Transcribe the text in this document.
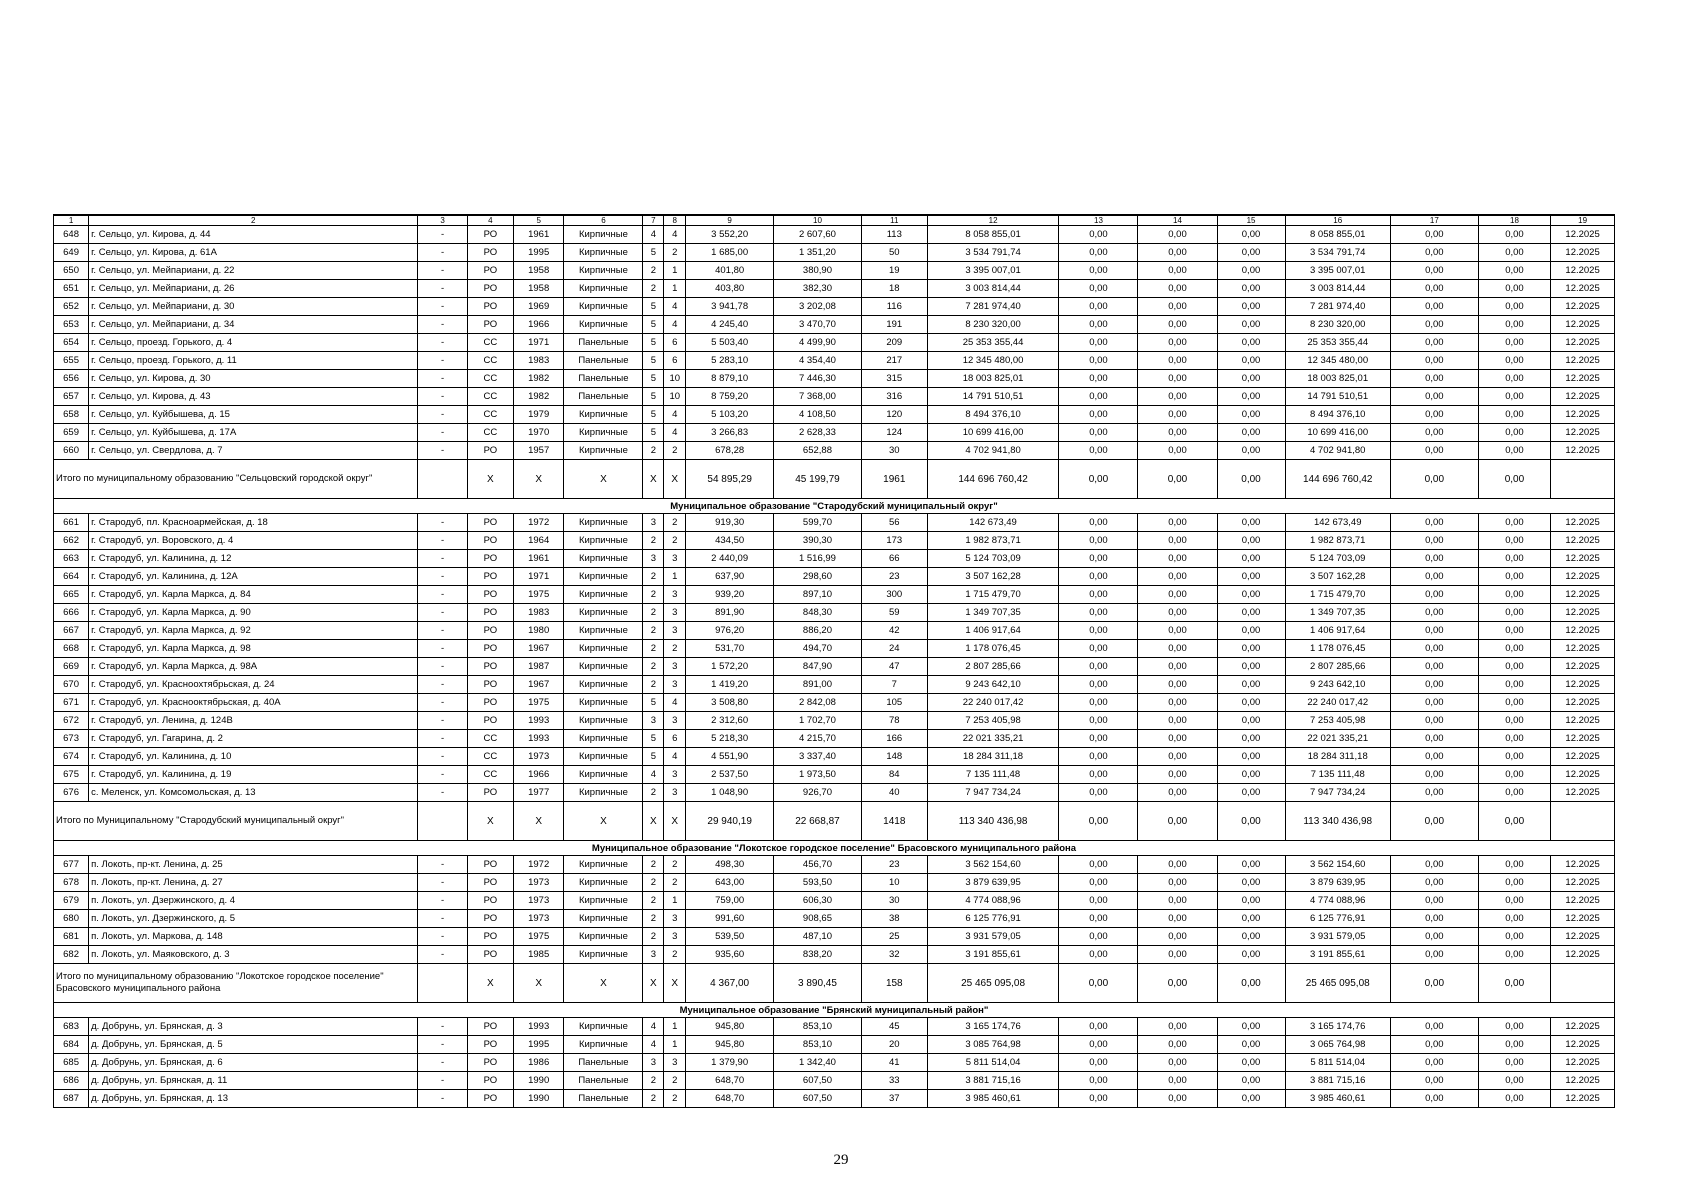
1	2	3	4	5	6	7	8	9	10	11	12	13	14	15	16	17	18	19
648	г. Сельцо, ул. Кирова, д. 44	-	РО	1961	Кирпичные	4	4	3 552,20	2 607,60	113	8 058 855,01	0,00	0,00	0,00	8 058 855,01	0,00	0,00	12.2025
649	г. Сельцо, ул. Кирова, д. 61А	-	РО	1995	Кирпичные	5	2	1 685,00	1 351,20	50	3 534 791,74	0,00	0,00	0,00	3 534 791,74	0,00	0,00	12.2025
650	г. Сельцо, ул. Мейпариани, д. 22	-	РО	1958	Кирпичные	2	1	401,80	380,90	19	3 395 007,01	0,00	0,00	0,00	3 395 007,01	0,00	0,00	12.2025
651	г. Сельцо, ул. Мейпариани, д. 26	-	РО	1958	Кирпичные	2	1	403,80	382,30	18	3 003 814,44	0,00	0,00	0,00	3 003 814,44	0,00	0,00	12.2025
652	г. Сельцо, ул. Мейпариани, д. 30	-	РО	1969	Кирпичные	5	4	3 941,78	3 202,08	116	7 281 974,40	0,00	0,00	0,00	7 281 974,40	0,00	0,00	12.2025
653	г. Сельцо, ул. Мейпариани, д. 34	-	РО	1966	Кирпичные	5	4	4 245,40	3 470,70	191	8 230 320,00	0,00	0,00	0,00	8 230 320,00	0,00	0,00	12.2025
654	г. Сельцо, проезд. Горького, д. 4	-	СС	1971	Панельные	5	6	5 503,40	4 499,90	209	25 353 355,44	0,00	0,00	0,00	25 353 355,44	0,00	0,00	12.2025
655	г. Сельцо, проезд. Горького, д. 11	-	СС	1983	Панельные	5	6	5 283,10	4 354,40	217	12 345 480,00	0,00	0,00	0,00	12 345 480,00	0,00	0,00	12.2025
656	г. Сельцо, ул. Кирова, д. 30	-	СС	1982	Панельные	5	10	8 879,10	7 446,30	315	18 003 825,01	0,00	0,00	0,00	18 003 825,01	0,00	0,00	12.2025
657	г. Сельцо, ул. Кирова, д. 43	-	СС	1982	Панельные	5	10	8 759,20	7 368,00	316	14 791 510,51	0,00	0,00	0,00	14 791 510,51	0,00	0,00	12.2025
658	г. Сельцо, ул. Куйбышева, д. 15	-	СС	1979	Кирпичные	5	4	5 103,20	4 108,50	120	8 494 376,10	0,00	0,00	0,00	8 494 376,10	0,00	0,00	12.2025
659	г. Сельцо, ул. Куйбышева, д. 17А	-	СС	1970	Кирпичные	5	4	3 266,83	2 628,33	124	10 699 416,00	0,00	0,00	0,00	10 699 416,00	0,00	0,00	12.2025
660	г. Сельцо, ул. Свердлова, д. 7	-	РО	1957	Кирпичные	2	2	678,28	652,88	30	4 702 941,80	0,00	0,00	0,00	4 702 941,80	0,00	0,00	12.2025
Итого по муниципальному образованию "Сельцовский городской округ"			X	X	X	X	X	54 895,29	45 199,79	1961	144 696 760,42	0,00	0,00	0,00	144 696 760,42	0,00	0,00	
Муниципальное образование "Стародубский муниципальный округ"																		
661	г. Стародуб, пл. Красноармейская, д. 18	-	РО	1972	Кирпичные	3	2	919,30	599,70	56	142 673,49	0,00	0,00	0,00	142 673,49	0,00	0,00	12.2025
662	г. Стародуб, ул. Воровского, д. 4	-	РО	1964	Кирпичные	2	2	434,50	390,30	173	1 982 873,71	0,00	0,00	0,00	1 982 873,71	0,00	0,00	12.2025
663	г. Стародуб, ул. Калинина, д. 12	-	РО	1961	Кирпичные	3	3	2 440,09	1 516,99	66	5 124 703,09	0,00	0,00	0,00	5 124 703,09	0,00	0,00	12.2025
664	г. Стародуб, ул. Калинина, д. 12А	-	РО	1971	Кирпичные	2	1	637,90	298,60	23	3 507 162,28	0,00	0,00	0,00	3 507 162,28	0,00	0,00	12.2025
665	г. Стародуб, ул. Карла Маркса, д. 84	-	РО	1975	Кирпичные	2	3	939,20	897,10	300	1 715 479,70	0,00	0,00	0,00	1 715 479,70	0,00	0,00	12.2025
666	г. Стародуб, ул. Карла Маркса, д. 90	-	РО	1983	Кирпичные	2	3	891,90	848,30	59	1 349 707,35	0,00	0,00	0,00	1 349 707,35	0,00	0,00	12.2025
667	г. Стародуб, ул. Карла Маркса, д. 92	-	РО	1980	Кирпичные	2	3	976,20	886,20	42	1 406 917,64	0,00	0,00	0,00	1 406 917,64	0,00	0,00	12.2025
668	г. Стародуб, ул. Карла Маркса, д. 98	-	РО	1967	Кирпичные	2	2	531,70	494,70	24	1 178 076,45	0,00	0,00	0,00	1 178 076,45	0,00	0,00	12.2025
669	г. Стародуб, ул. Карла Маркса, д. 98А	-	РО	1987	Кирпичные	2	3	1 572,20	847,90	47	2 807 285,66	0,00	0,00	0,00	2 807 285,66	0,00	0,00	12.2025
670	г. Стародуб, ул. Красноохтябрьская, д. 24	-	РО	1967	Кирпичные	2	3	1 419,20	891,00	7	9 243 642,10	0,00	0,00	0,00	9 243 642,10	0,00	0,00	12.2025
671	г. Стародуб, ул. Краснооктябрьская, д. 40А	-	РО	1975	Кирпичные	5	4	3 508,80	2 842,08	105	22 240 017,42	0,00	0,00	0,00	22 240 017,42	0,00	0,00	12.2025
672	г. Стародуб, ул. Ленина, д. 124В	-	РО	1993	Кирпичные	3	3	2 312,60	1 702,70	78	7 253 405,98	0,00	0,00	0,00	7 253 405,98	0,00	0,00	12.2025
673	г. Стародуб, ул. Гагарина, д. 2	-	СС	1993	Кирпичные	5	6	5 218,30	4 215,70	166	22 021 335,21	0,00	0,00	0,00	22 021 335,21	0,00	0,00	12.2025
674	г. Стародуб, ул. Калинина, д. 10	-	СС	1973	Кирпичные	5	4	4 551,90	3 337,40	148	18 284 311,18	0,00	0,00	0,00	18 284 311,18	0,00	0,00	12.2025
675	г. Стародуб, ул. Калинина, д. 19	-	СС	1966	Кирпичные	4	3	2 537,50	1 973,50	84	7 135 111,48	0,00	0,00	0,00	7 135 111,48	0,00	0,00	12.2025
676	с. Меленск, ул. Комсомольская, д. 13	-	РО	1977	Кирпичные	2	3	1 048,90	926,70	40	7 947 734,24	0,00	0,00	0,00	7 947 734,24	0,00	0,00	12.2025
Итого по Муниципальному "Стародубский муниципальный округ"			X	X	X	X	X	29 940,19	22 668,87	1418	113 340 436,98	0,00	0,00	0,00	113 340 436,98	0,00	0,00	
Муниципальное образование "Локотское городское поселение" Брасовского муниципального района																		
677	п. Локоть, пр-кт. Ленина, д. 25	-	РО	1972	Кирпичные	2	2	498,30	456,70	23	3 562 154,60	0,00	0,00	0,00	3 562 154,60	0,00	0,00	12.2025
678	п. Локоть, пр-кт. Ленина, д. 27	-	РО	1973	Кирпичные	2	2	643,00	593,50	10	3 879 639,95	0,00	0,00	0,00	3 879 639,95	0,00	0,00	12.2025
679	п. Локоть, ул. Дзержинского, д. 4	-	РО	1973	Кирпичные	2	1	759,00	606,30	30	4 774 088,96	0,00	0,00	0,00	4 774 088,96	0,00	0,00	12.2025
680	п. Локоть, ул. Дзержинского, д. 5	-	РО	1973	Кирпичные	2	3	991,60	908,65	38	6 125 776,91	0,00	0,00	0,00	6 125 776,91	0,00	0,00	12.2025
681	п. Локоть, ул. Маркова, д. 148	-	РО	1975	Кирпичные	2	3	539,50	487,10	25	3 931 579,05	0,00	0,00	0,00	3 931 579,05	0,00	0,00	12.2025
682	п. Локоть, ул. Маяковского, д. 3	-	РО	1985	Кирпичные	3	2	935,60	838,20	32	3 191 855,61	0,00	0,00	0,00	3 191 855,61	0,00	0,00	12.2025
Итого по муниципальному образованию "Локотское городское поселение" Брасовского муниципального района			X	X	X	X	X	4 367,00	3 890,45	158	25 465 095,08	0,00	0,00	0,00	25 465 095,08	0,00	0,00	
Муниципальное образование "Брянский муниципальный район"																		
683	д. Добрунь, ул. Брянская, д. 3	-	РО	1993	Кирпичные	4	1	945,80	853,10	45	3 165 174,76	0,00	0,00	0,00	3 165 174,76	0,00	0,00	12.2025
684	д. Добрунь, ул. Брянская, д. 5	-	РО	1995	Кирпичные	4	1	945,80	853,10	20	3 085 764,98	0,00	0,00	0,00	3 065 764,98	0,00	0,00	12.2025
685	д. Добрунь, ул. Брянская, д. 6	-	РО	1986	Панельные	3	3	1 379,90	1 342,40	41	5 811 514,04	0,00	0,00	0,00	5 811 514,04	0,00	0,00	12.2025
686	д. Добрунь, ул. Брянская, д. 11	-	РО	1990	Панельные	2	2	648,70	607,50	33	3 881 715,16	0,00	0,00	0,00	3 881 715,16	0,00	0,00	12.2025
687	д. Добрунь, ул. Брянская, д. 13	-	РО	1990	Панельные	2	2	648,70	607,50	37	3 985 460,61	0,00	0,00	0,00	3 985 460,61	0,00	0,00	12.2025
29
